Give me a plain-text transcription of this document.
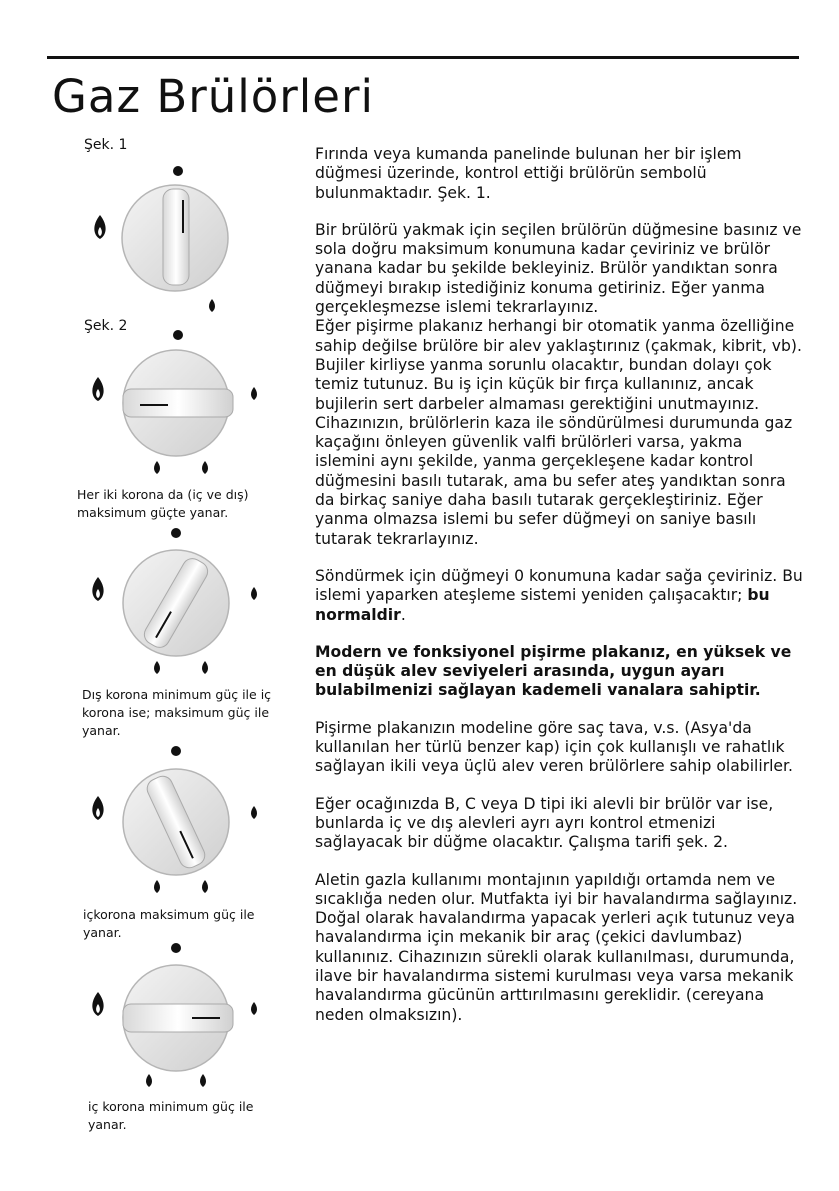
Gaz Brülörleri
Şek. 1
Şek. 2
Her iki korona da (iç ve dış) maksimum güçte yanar.
Dış korona minimum güç ile iç korona ise; maksimum güç ile yanar.
içkorona maksimum güç ile yanar.
iç korona minimum güç ile yanar.

Fırında veya kumanda panelinde bulunan her bir işlem düğmesi üzerinde, kontrol ettiği brülörün sembolü bulunmaktadır. Şek. 1.

Bir brülörü yakmak için seçilen brülörün düğmesine basınız ve sola doğru maksimum konumuna kadar çeviriniz ve brülör yanana kadar bu şekilde bekleyiniz. Brülör yandıktan sonra düğmeyi bırakıp istediğiniz konuma getiriniz. Eğer yanma gerçekleşmezse islemi tekrarlayınız.

Eğer pişirme plakanız herhangi bir otomatik yanma özelliğine sahip değilse brülöre bir alev yaklaştırınız (çakmak, kibrit, vb). Bujiler kirliyse yanma sorunlu olacaktır, bundan dolayı çok temiz tutunuz. Bu iş için küçük bir fırça kullanınız, ancak bujilerin sert darbeler almaması gerektiğini unutmayınız. Cihazınızın, brülörlerin kaza ile söndürülmesi durumunda gaz kaçağını önleyen güvenlik valfi brülörleri varsa, yakma islemini aynı şekilde, yanma gerçekleşene kadar kontrol düğmesini basılı tutarak, ama bu sefer ateş yandıktan sonra da birkaç saniye daha basılı tutarak gerçekleştiriniz. Eğer yanma olmazsa islemi bu sefer düğmeyi on saniye basılı tutarak tekrarlayınız.

Söndürmek için düğmeyi 0 konumuna kadar sağa çeviriniz. Bu islemi yaparken ateşleme sistemi yeniden çalışacaktır; bu normaldir.

Modern ve fonksiyonel pişirme plakanız, en yüksek ve en düşük alev seviyeleri arasında, uygun ayarı bulabilmenizi sağlayan kademeli vanalara sahiptir.

Pişirme plakanızın modeline göre saç tava, v.s. (Asya'da kullanılan her türlü benzer kap) için çok kullanışlı ve rahatlık sağlayan ikili veya üçlü alev veren brülörlere sahip olabilirler.

Eğer ocağınızda B, C veya D tipi iki alevli bir brülör var ise, bunlarda iç ve dış alevleri ayrı ayrı kontrol etmenizi sağlayacak bir düğme olacaktır. Çalışma tarifi şek. 2.

Aletin gazla kullanımı montajının yapıldığı ortamda nem ve sıcaklığa neden olur. Mutfakta iyi bir havalandırma sağlayınız. Doğal olarak havalandırma yapacak yerleri açık tutunuz veya havalandırma için mekanik bir araç (çekici davlumbaz) kullanınız. Cihazınızın sürekli olarak kullanılması, durumunda, ilave bir havalandırma sistemi kurulması veya varsa mekanik havalandırma gücünün arttırılmasını gereklidir. (cereyana neden olmaksızın).
